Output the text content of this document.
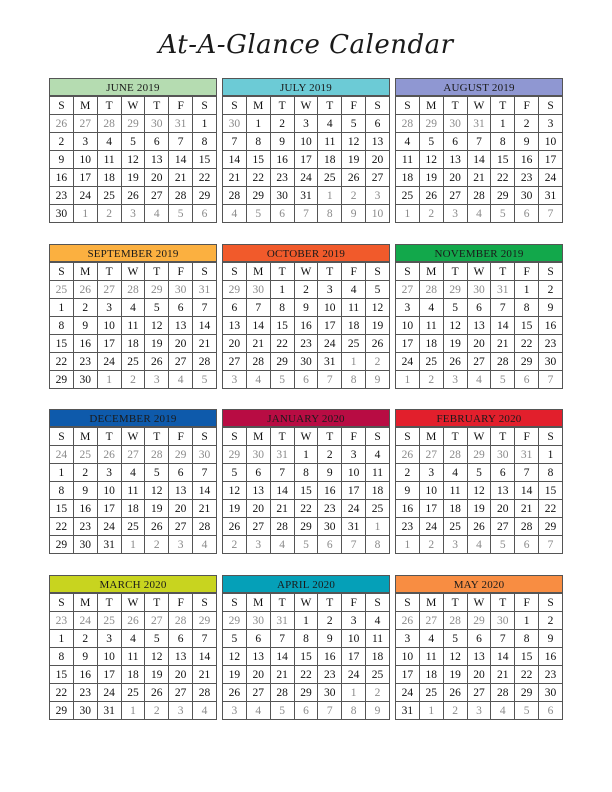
At-A-Glance Calendar
JUNE 2019
S	M	T	W	T	F	S
26	27	28	29	30	31	1
2	3	4	5	6	7	8
9	10	11	12	13	14	15
16	17	18	19	20	21	22
23	24	25	26	27	28	29
30	1	2	3	4	5	6
JULY 2019
S	M	T	W	T	F	S
30	1	2	3	4	5	6
7	8	9	10	11	12	13
14	15	16	17	18	19	20
21	22	23	24	25	26	27
28	29	30	31	1	2	3
4	5	6	7	8	9	10
AUGUST 2019
S	M	T	W	T	F	S
28	29	30	31	1	2	3
4	5	6	7	8	9	10
11	12	13	14	15	16	17
18	19	20	21	22	23	24
25	26	27	28	29	30	31
1	2	3	4	5	6	7
SEPTEMBER 2019
S	M	T	W	T	F	S
25	26	27	28	29	30	31
1	2	3	4	5	6	7
8	9	10	11	12	13	14
15	16	17	18	19	20	21
22	23	24	25	26	27	28
29	30	1	2	3	4	5
OCTOBER 2019
S	M	T	W	T	F	S
29	30	1	2	3	4	5
6	7	8	9	10	11	12
13	14	15	16	17	18	19
20	21	22	23	24	25	26
27	28	29	30	31	1	2
3	4	5	6	7	8	9
NOVEMBER 2019
S	M	T	W	T	F	S
27	28	29	30	31	1	2
3	4	5	6	7	8	9
10	11	12	13	14	15	16
17	18	19	20	21	22	23
24	25	26	27	28	29	30
1	2	3	4	5	6	7
DECEMBER 2019
S	M	T	W	T	F	S
24	25	26	27	28	29	30
1	2	3	4	5	6	7
8	9	10	11	12	13	14
15	16	17	18	19	20	21
22	23	24	25	26	27	28
29	30	31	1	2	3	4
JANUARY 2020
S	M	T	W	T	F	S
29	30	31	1	2	3	4
5	6	7	8	9	10	11
12	13	14	15	16	17	18
19	20	21	22	23	24	25
26	27	28	29	30	31	1
2	3	4	5	6	7	8
FEBRUARY 2020
S	M	T	W	T	F	S
26	27	28	29	30	31	1
2	3	4	5	6	7	8
9	10	11	12	13	14	15
16	17	18	19	20	21	22
23	24	25	26	27	28	29
1	2	3	4	5	6	7
MARCH 2020
S	M	T	W	T	F	S
23	24	25	26	27	28	29
1	2	3	4	5	6	7
8	9	10	11	12	13	14
15	16	17	18	19	20	21
22	23	24	25	26	27	28
29	30	31	1	2	3	4
APRIL 2020
S	M	T	W	T	F	S
29	30	31	1	2	3	4
5	6	7	8	9	10	11
12	13	14	15	16	17	18
19	20	21	22	23	24	25
26	27	28	29	30	1	2
3	4	5	6	7	8	9
MAY 2020
S	M	T	W	T	F	S
26	27	28	29	30	1	2
3	4	5	6	7	8	9
10	11	12	13	14	15	16
17	18	19	20	21	22	23
24	25	26	27	28	29	30
31	1	2	3	4	5	6
